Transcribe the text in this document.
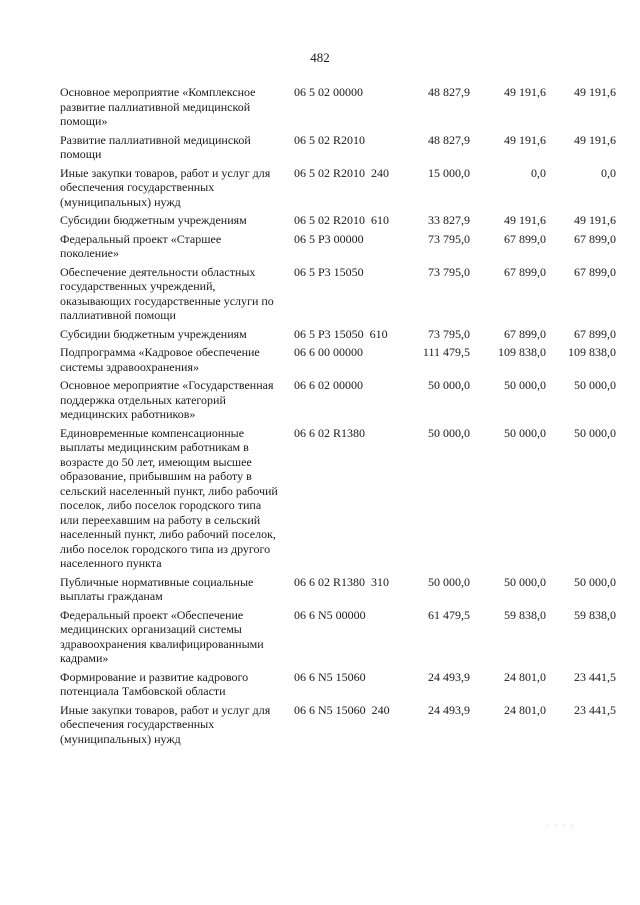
482
Основное мероприятие «Комплексное развитие паллиативной медицинской помощи»
06 5 02 00000	48 827,9	49 191,6 49 191,6
Развитие паллиативной медицинской помощи
06 5 02 R2010	48 827,9	49 191,6 49 191,6
Иные закупки товаров, работ и услуг для обеспечения государственных (муниципальных) нужд
06 5 02 R2010  240	15 000,0	0,0	0,0
Субсидии бюджетным учреждениям	06 5 02 R2010  610	33 827,9	49 191,6 49 191,6
Федеральный проект «Старшее поколение»
06 5 P3 00000	73 795,0	67 899,0 67 899,0
Обеспечение деятельности областных государственных учреждений, оказывающих государственные услуги по паллиативной помощи
06 5 P3 15050	73 795,0	67 899,0 67 899,0
Субсидии бюджетным учреждениям	06 5 P3 15050  610	73 795,0	67 899,0 67 899,0
Подпрограмма «Кадровое обеспечение системы здравоохранения»
06 6 00 00000	111 479,5 109 838,0 109 838,0
Основное мероприятие «Государственная поддержка отдельных категорий медицинских работников»
06 6 02 00000	50 000,0	50 000,0 50 000,0
Единовременные компенсационные выплаты медицинским работникам в возрасте до 50 лет, имеющим высшее образование, прибывшим на работу в сельский населенный пункт, либо рабочий поселок, либо поселок городского типа или переехавшим на работу в сельский населенный пункт, либо рабочий поселок, либо поселок городского типа из другого населенного пункта
06 6 02 R1380	50 000,0	50 000,0 50 000,0
Публичные нормативные социальные выплаты гражданам
06 6 02 R1380  310	50 000,0	50 000,0 50 000,0
Федеральный проект «Обеспечение медицинских организаций системы здравоохранения квалифицированными кадрами»
06 6 N5 00000	61 479,5	59 838,0 59 838,0
Формирование и развитие кадрового потенциала Тамбовской области
06 6 N5 15060	24 493,9	24 801,0 23 441,5
Иные закупки товаров, работ и услуг для обеспечения государственных (муниципальных) нужд
06 6 N5 15060  240	24 493,9	24 801,0 23 441,5
· · · ·
